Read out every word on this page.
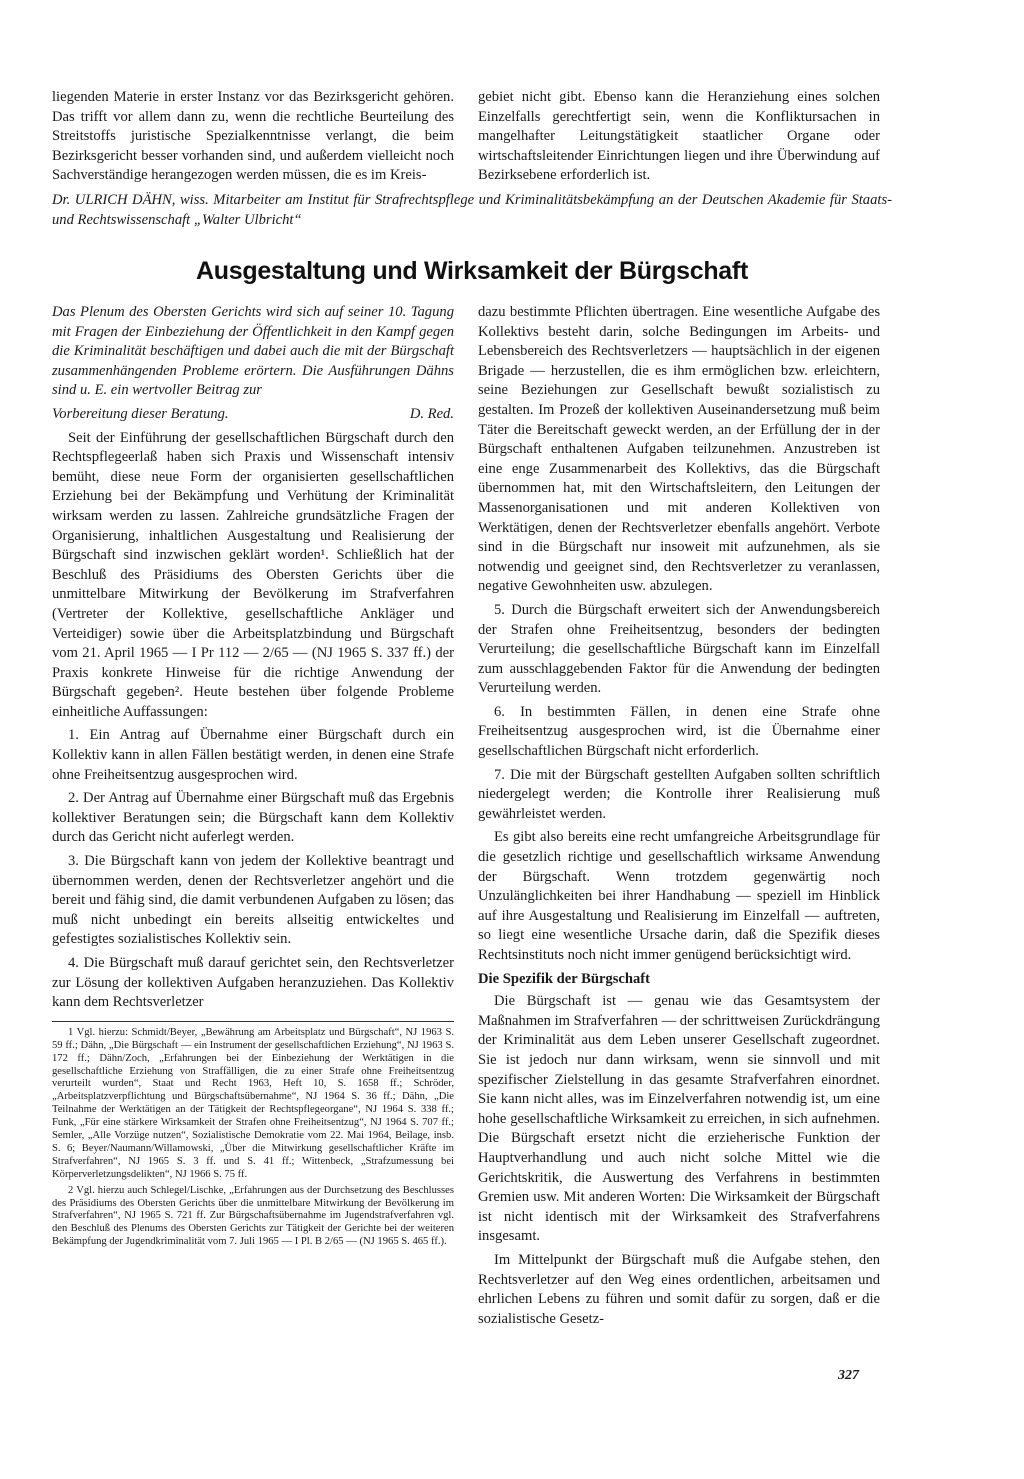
liegenden Materie in erster Instanz vor das Bezirksgericht gehören. Das trifft vor allem dann zu, wenn die rechtliche Beurteilung des Streitstoffs juristische Spezialkenntnisse verlangt, die beim Bezirksgericht besser vorhanden sind, und außerdem vielleicht noch Sachverständige herangezogen werden müssen, die es im Kreis-

gebiet nicht gibt. Ebenso kann die Heranziehung eines solchen Einzelfalls gerechtfertigt sein, wenn die Konfliktursachen in mangelhafter Leitungstätigkeit staatlicher Organe oder wirtschaftsleitender Einrichtungen liegen und ihre Überwindung auf Bezirksebene erforderlich ist.

Dr. ULRICH DÄHN, wiss. Mitarbeiter am Institut für Strafrechtspflege und Kriminalitätsbekämpfung an der Deutschen Akademie für Staats- und Rechtswissenschaft „Walter Ulbricht“

Ausgestaltung und Wirksamkeit der Bürgschaft

Das Plenum des Obersten Gerichts wird sich auf seiner 10. Tagung mit Fragen der Einbeziehung der Öffentlichkeit in den Kampf gegen die Kriminalität beschäftigen und dabei auch die mit der Bürgschaft zusammenhängenden Probleme erörtern. Die Ausführungen Dähns sind u. E. ein wertvoller Beitrag zur

Vorbereitung dieser Beratung.	D. Red.

Seit der Einführung der gesellschaftlichen Bürgschaft durch den Rechtspflegeerlaß haben sich Praxis und Wissenschaft intensiv bemüht, diese neue Form der organisierten gesellschaftlichen Erziehung bei der Bekämpfung und Verhütung der Kriminalität wirksam werden zu lassen. Zahlreiche grundsätzliche Fragen der Organisierung, inhaltlichen Ausgestaltung und Realisierung der Bürgschaft sind inzwischen geklärt worden¹. Schließlich hat der Beschluß des Präsidiums des Obersten Gerichts über die unmittelbare Mitwirkung der Bevölkerung im Strafverfahren (Vertreter der Kollektive, gesellschaftliche Ankläger und Verteidiger) sowie über die Arbeitsplatzbindung und Bürgschaft vom 21. April 1965 — I Pr 112 — 2/65 — (NJ 1965 S. 337 ff.) der Praxis konkrete Hinweise für die richtige Anwendung der Bürgschaft gegeben². Heute bestehen über folgende Probleme einheitliche Auffassungen:

1. Ein Antrag auf Übernahme einer Bürgschaft durch ein Kollektiv kann in allen Fällen bestätigt werden, in denen eine Strafe ohne Freiheitsentzug ausgesprochen wird.

2. Der Antrag auf Übernahme einer Bürgschaft muß das Ergebnis kollektiver Beratungen sein; die Bürgschaft kann dem Kollektiv durch das Gericht nicht auferlegt werden.

3. Die Bürgschaft kann von jedem der Kollektive beantragt und übernommen werden, denen der Rechtsverletzer angehört und die bereit und fähig sind, die damit verbundenen Aufgaben zu lösen; das muß nicht unbedingt ein bereits allseitig entwickeltes und gefestigtes sozialistisches Kollektiv sein.

4. Die Bürgschaft muß darauf gerichtet sein, den Rechtsverletzer zur Lösung der kollektiven Aufgaben heranzuziehen. Das Kollektiv kann dem Rechtsverletzer

1 Vgl. hierzu: Schmidt/Beyer, „Bewährung am Arbeitsplatz und Bürgschaft“, NJ 1963 S. 59 ff.; Dähn, „Die Bürgschaft — ein Instrument der gesellschaftlichen Erziehung“, NJ 1963 S. 172 ff.; Dähn/Zoch, „Erfahrungen bei der Einbeziehung der Werktätigen in die gesellschaftliche Erziehung von Straffälligen, die zu einer Strafe ohne Freiheitsentzug verurteilt wurden“, Staat und Recht 1963, Heft 10, S. 1658 ff.; Schröder, „Arbeitsplatzverpflichtung und Bürgschaftsübernahme“, NJ 1964 S. 36 ff.; Dähn, „Die Teilnahme der Werktätigen an der Tätigkeit der Rechtspflegeorgane“, NJ 1964 S. 338 ff.; Funk, „Für eine stärkere Wirksamkeit der Strafen ohne Freiheitsentzug“, NJ 1964 S. 707 ff.; Semler, „Alle Vorzüge nutzen“, Sozialistische Demokratie vom 22. Mai 1964, Beilage, insb. S. 6; Beyer/Naumann/Willamowski, „Über die Mitwirkung gesellschaftlicher Kräfte im Strafverfahren“, NJ 1965 S. 3 ff. und S. 41 ff.; Wittenbeck, „Strafzumessung bei Körperverletzungsdelikten“, NJ 1966 S. 75 ff.

2 Vgl. hierzu auch Schlegel/Lischke, „Erfahrungen aus der Durchsetzung des Beschlusses des Präsidiums des Obersten Gerichts über die unmittelbare Mitwirkung der Bevölkerung im Strafverfahren“, NJ 1965 S. 721 ff. Zur Bürgschaftsübernahme im Jugendstrafverfahren vgl. den Beschluß des Plenums des Obersten Gerichts zur Tätigkeit der Gerichte bei der weiteren Bekämpfung der Jugendkriminalität vom 7. Juli 1965 — I Pl. B 2/65 — (NJ 1965 S. 465 ff.).

dazu bestimmte Pflichten übertragen. Eine wesentliche Aufgabe des Kollektivs besteht darin, solche Bedingungen im Arbeits- und Lebensbereich des Rechtsverletzers — hauptsächlich in der eigenen Brigade — herzustellen, die es ihm ermöglichen bzw. erleichtern, seine Beziehungen zur Gesellschaft bewußt sozialistisch zu gestalten. Im Prozeß der kollektiven Auseinandersetzung muß beim Täter die Bereitschaft geweckt werden, an der Erfüllung der in der Bürgschaft enthaltenen Aufgaben teilzunehmen. Anzustreben ist eine enge Zusammenarbeit des Kollektivs, das die Bürgschaft übernommen hat, mit den Wirtschaftsleitern, den Leitungen der Massenorganisationen und mit anderen Kollektiven von Werktätigen, denen der Rechtsverletzer ebenfalls angehört. Verbote sind in die Bürgschaft nur insoweit mit aufzunehmen, als sie notwendig und geeignet sind, den Rechtsverletzer zu veranlassen, negative Gewohnheiten usw. abzulegen.

5. Durch die Bürgschaft erweitert sich der Anwendungsbereich der Strafen ohne Freiheitsentzug, besonders der bedingten Verurteilung; die gesellschaftliche Bürgschaft kann im Einzelfall zum ausschlaggebenden Faktor für die Anwendung der bedingten Verurteilung werden.

6. In bestimmten Fällen, in denen eine Strafe ohne Freiheitsentzug ausgesprochen wird, ist die Übernahme einer gesellschaftlichen Bürgschaft nicht erforderlich.

7. Die mit der Bürgschaft gestellten Aufgaben sollten schriftlich niedergelegt werden; die Kontrolle ihrer Realisierung muß gewährleistet werden.

Es gibt also bereits eine recht umfangreiche Arbeitsgrundlage für die gesetzlich richtige und gesellschaftlich wirksame Anwendung der Bürgschaft. Wenn trotzdem gegenwärtig noch Unzulänglichkeiten bei ihrer Handhabung — speziell im Hinblick auf ihre Ausgestaltung und Realisierung im Einzelfall — auftreten, so liegt eine wesentliche Ursache darin, daß die Spezifik dieses Rechtsinstituts noch nicht immer genügend berücksichtigt wird.

Die Spezifik der Bürgschaft

Die Bürgschaft ist — genau wie das Gesamtsystem der Maßnahmen im Strafverfahren — der schrittweisen Zurückdrängung der Kriminalität aus dem Leben unserer Gesellschaft zugeordnet. Sie ist jedoch nur dann wirksam, wenn sie sinnvoll und mit spezifischer Zielstellung in das gesamte Strafverfahren einordnet. Sie kann nicht alles, was im Einzelverfahren notwendig ist, um eine hohe gesellschaftliche Wirksamkeit zu erreichen, in sich aufnehmen. Die Bürgschaft ersetzt nicht die erzieherische Funktion der Hauptverhandlung und auch nicht solche Mittel wie die Gerichtskritik, die Auswertung des Verfahrens in bestimmten Gremien usw. Mit anderen Worten: Die Wirksamkeit der Bürgschaft ist nicht identisch mit der Wirksamkeit des Strafverfahrens insgesamt.

Im Mittelpunkt der Bürgschaft muß die Aufgabe stehen, den Rechtsverletzer auf den Weg eines ordentlichen, arbeitsamen und ehrlichen Lebens zu führen und somit dafür zu sorgen, daß er die sozialistische Gesetz-

327
